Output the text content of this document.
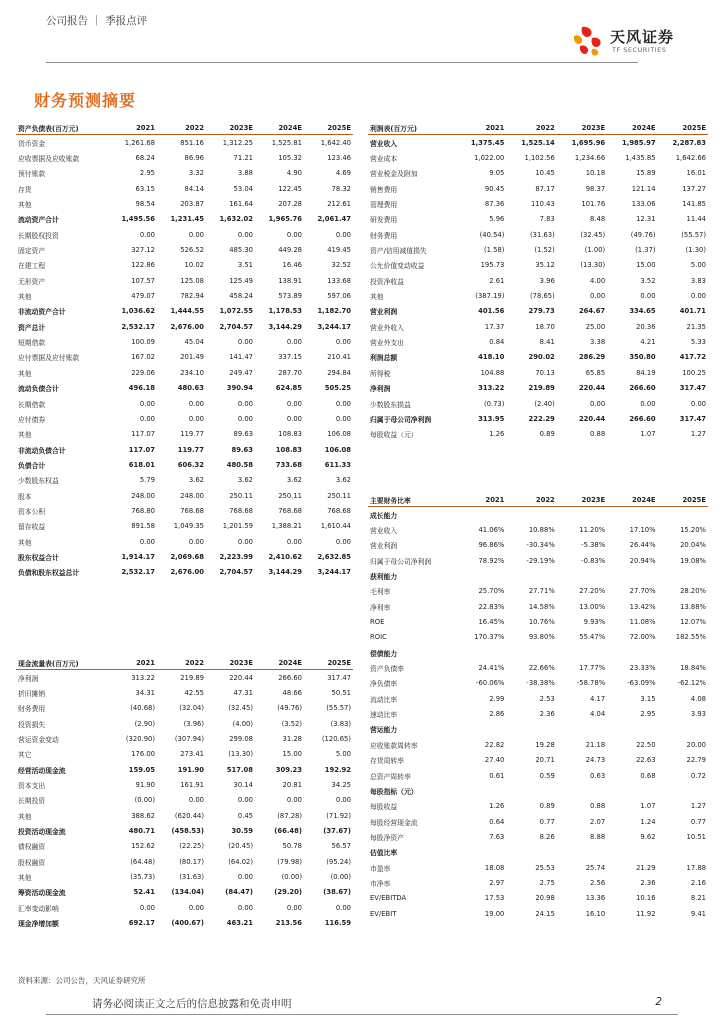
公司报告 ｜ 季报点评
天风证券
TF SECURITIES
财务预测摘要
资产负债表(百万元)	2021	2022	2023E	2024E	2025E
货币资金	1,261.68	851.16	1,312.25	1,525.81	1,642.40
应收票据及应收账款	68.24	86.96	71.21	105.32	123.46
预付账款	2.95	3.32	3.88	4.90	4.69
存货	63.15	84.14	53.04	122.45	78.32
其他	98.54	203.87	161.64	207.28	212.61
流动资产合计	1,495.56	1,231.45	1,632.02	1,965.76	2,061.47
长期股权投资	0.00	0.00	0.00	0.00	0.00
固定资产	327.12	526.52	485.30	449.28	419.45
在建工程	122.86	10.02	3.51	16.46	32.52
无形资产	107.57	125.08	125.49	138.91	133.68
其他	479.07	782.94	458.24	573.89	597.06
非流动资产合计	1,036.62	1,444.55	1,072.55	1,178.53	1,182.70
资产总计	2,532.17	2,676.00	2,704.57	3,144.29	3,244.17
短期借款	100.09	45.04	0.00	0.00	0.00
应付票据及应付账款	167.02	201.49	141.47	337.15	210.41
其他	229.06	234.10	249.47	287.70	294.84
流动负债合计	496.18	480.63	390.94	624.85	505.25
长期借款	0.00	0.00	0.00	0.00	0.00
应付债券	0.00	0.00	0.00	0.00	0.00
其他	117.07	119.77	89.63	108.83	106.08
非流动负债合计	117.07	119.77	89.63	108.83	106.08
负债合计	618.01	606.32	480.58	733.68	611.33
少数股东权益	5.79	3.62	3.62	3.62	3.62
股本	248.00	248.00	250.11	250.11	250.11
资本公积	768.80	768.68	768.68	768.68	768.68
留存收益	891.58	1,049.35	1,201.59	1,388.21	1,610.44
其他	0.00	0.00	0.00	0.00	0.00
股东权益合计	1,914.17	2,069.68	2,223.99	2,410.62	2,632.85
负债和股东权益总计	2,532.17	2,676.00	2,704.57	3,144.29	3,244.17
利润表(百万元)	2021	2022	2023E	2024E	2025E
营业收入	1,375.45	1,525.14	1,695.96	1,985.97	2,287.83
营业成本	1,022.00	1,102.56	1,234.66	1,435.85	1,642.66
营业税金及附加	9.05	10.45	10.18	15.89	16.01
销售费用	90.45	87.17	98.37	121.14	137.27
管理费用	87.36	110.43	101.76	133.06	141.85
研发费用	5.96	7.83	8.48	12.31	11.44
财务费用	(40.54)	(31.63)	(32.45)	(49.76)	(55.57)
资产/信用减值损失	(1.58)	(1.52)	(1.00)	(1.37)	(1.30)
公允价值变动收益	195.73	35.12	(13.30)	15.00	5.00
投资净收益	2.61	3.96	4.00	3.52	3.83
其他	(387.19)	(78.65)	0.00	0.00	0.00
营业利润	401.56	279.73	264.67	334.65	401.71
营业外收入	17.37	18.70	25.00	20.36	21.35
营业外支出	0.84	8.41	3.38	4.21	5.33
利润总额	418.10	290.02	286.29	350.80	417.72
所得税	104.88	70.13	65.85	84.19	100.25
净利润	313.22	219.89	220.44	266.60	317.47
少数股东损益	(0.73)	(2.40)	0.00	0.00	0.00
归属于母公司净利润	313.95	222.29	220.44	266.60	317.47
每股收益（元）	1.26	0.89	0.88	1.07	1.27
现金流量表(百万元)	2021	2022	2023E	2024E	2025E
净利润	313.22	219.89	220.44	266.60	317.47
折旧摊销	34.31	42.55	47.31	48.66	50.51
财务费用	(40.68)	(32.04)	(32.45)	(49.76)	(55.57)
投资损失	(2.90)	(3.96)	(4.00)	(3.52)	(3.83)
营运资金变动	(320.90)	(307.94)	299.08	31.28	(120.65)
其它	176.00	273.41	(13.30)	15.00	5.00
经营活动现金流	159.05	191.90	517.08	309.23	192.92
资本支出	91.90	161.91	30.14	20.81	34.25
长期投资	(0.00)	0.00	0.00	0.00	0.00
其他	388.62	(620.44)	0.45	(87.28)	(71.92)
投资活动现金流	480.71	(458.53)	30.59	(66.48)	(37.67)
债权融资	152.62	(22.25)	(20.45)	50.78	56.57
股权融资	(64.48)	(80.17)	(64.02)	(79.98)	(95.24)
其他	(35.73)	(31.63)	0.00	(0.00)	(0.00)
筹资活动现金流	52.41	(134.04)	(84.47)	(29.20)	(38.67)
汇率变动影响	0.00	0.00	0.00	0.00	0.00
现金净增加额	692.17	(400.67)	463.21	213.56	116.59
主要财务比率	2021	2022	2023E	2024E	2025E
成长能力					
营业收入	41.06%	10.88%	11.20%	17.10%	15.20%
营业利润	96.86%	-30.34%	-5.38%	26.44%	20.04%
归属于母公司净利润	78.92%	-29.19%	-0.83%	20.94%	19.08%
获利能力					
毛利率	25.70%	27.71%	27.20%	27.70%	28.20%
净利率	22.83%	14.58%	13.00%	13.42%	13.88%
ROE	16.45%	10.76%	9.93%	11.08%	12.07%
ROIC	170.37%	93.80%	55.47%	72.00%	182.55%
偿债能力					
资产负债率	24.41%	22.66%	17.77%	23.33%	18.84%
净负债率	-60.06%	-38.38%	-58.78%	-63.09%	-62.12%
流动比率	2.99	2.53	4.17	3.15	4.08
速动比率	2.86	2.36	4.04	2.95	3.93
营运能力					
应收账款周转率	22.82	19.28	21.18	22.50	20.00
存货周转率	27.40	20.71	24.73	22.63	22.79
总资产周转率	0.61	0.59	0.63	0.68	0.72
每股指标（元）					
每股收益	1.26	0.89	0.88	1.07	1.27
每股经营现金流	0.64	0.77	2.07	1.24	0.77
每股净资产	7.63	8.26	8.88	9.62	10.51
估值比率					
市盈率	18.08	25.53	25.74	21.29	17.88
市净率	2.97	2.75	2.56	2.36	2.16
EV/EBITDA	17.53	20.98	13.36	10.16	8.21
EV/EBIT	19.00	24.15	16.10	11.92	9.41
资料来源：公司公告，天风证券研究所
请务必阅读正文之后的信息披露和免责申明	2
